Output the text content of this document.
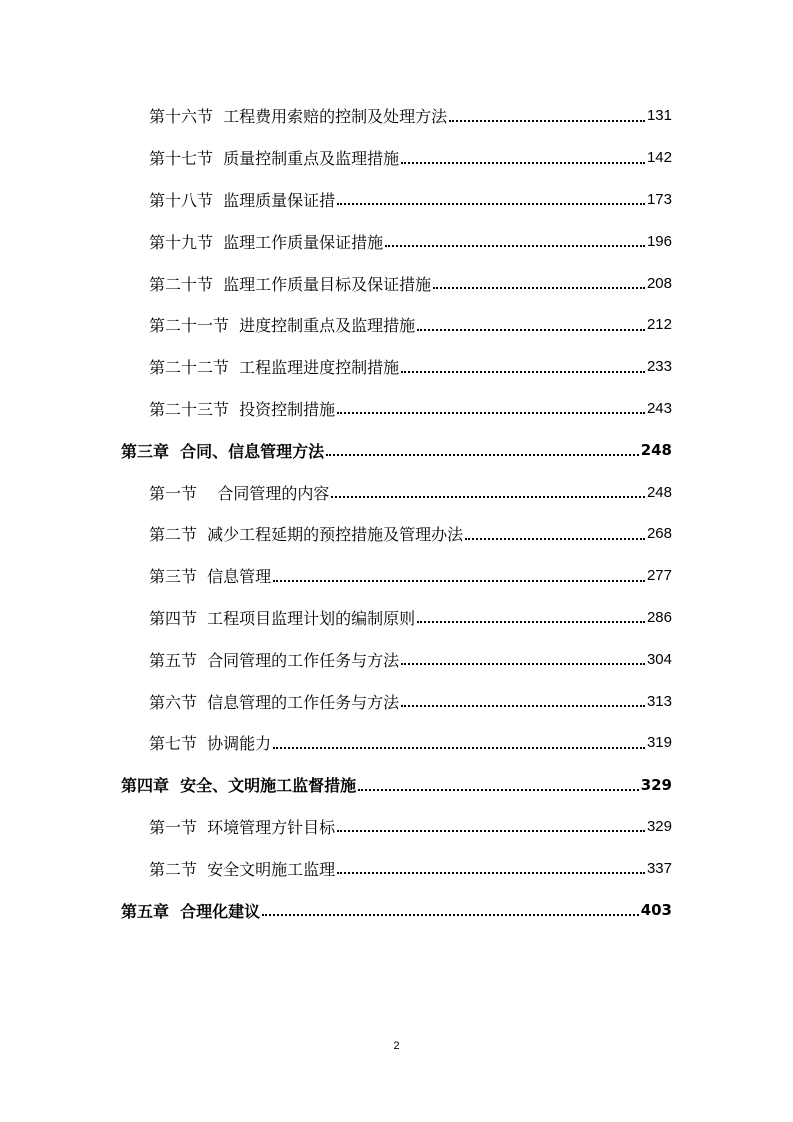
第十六节  工程费用索赔的控制及处理方法	131
第十七节  质量控制重点及监理措施	142
第十八节  监理质量保证措	173
第十九节  监理工作质量保证措施	196
第二十节  监理工作质量目标及保证措施	208
第二十一节  进度控制重点及监理措施	212
第二十二节  工程监理进度控制措施	233
第二十三节  投资控制措施	243
第三章  合同、信息管理方法	248
第一节    合同管理的内容	248
第二节  减少工程延期的预控措施及管理办法	268
第三节  信息管理	277
第四节  工程项目监理计划的编制原则	286
第五节  合同管理的工作任务与方法	304
第六节  信息管理的工作任务与方法	313
第七节  协调能力	319
第四章  安全、文明施工监督措施	329
第一节  环境管理方针目标	329
第二节  安全文明施工监理	337
第五章  合理化建议	403
2
